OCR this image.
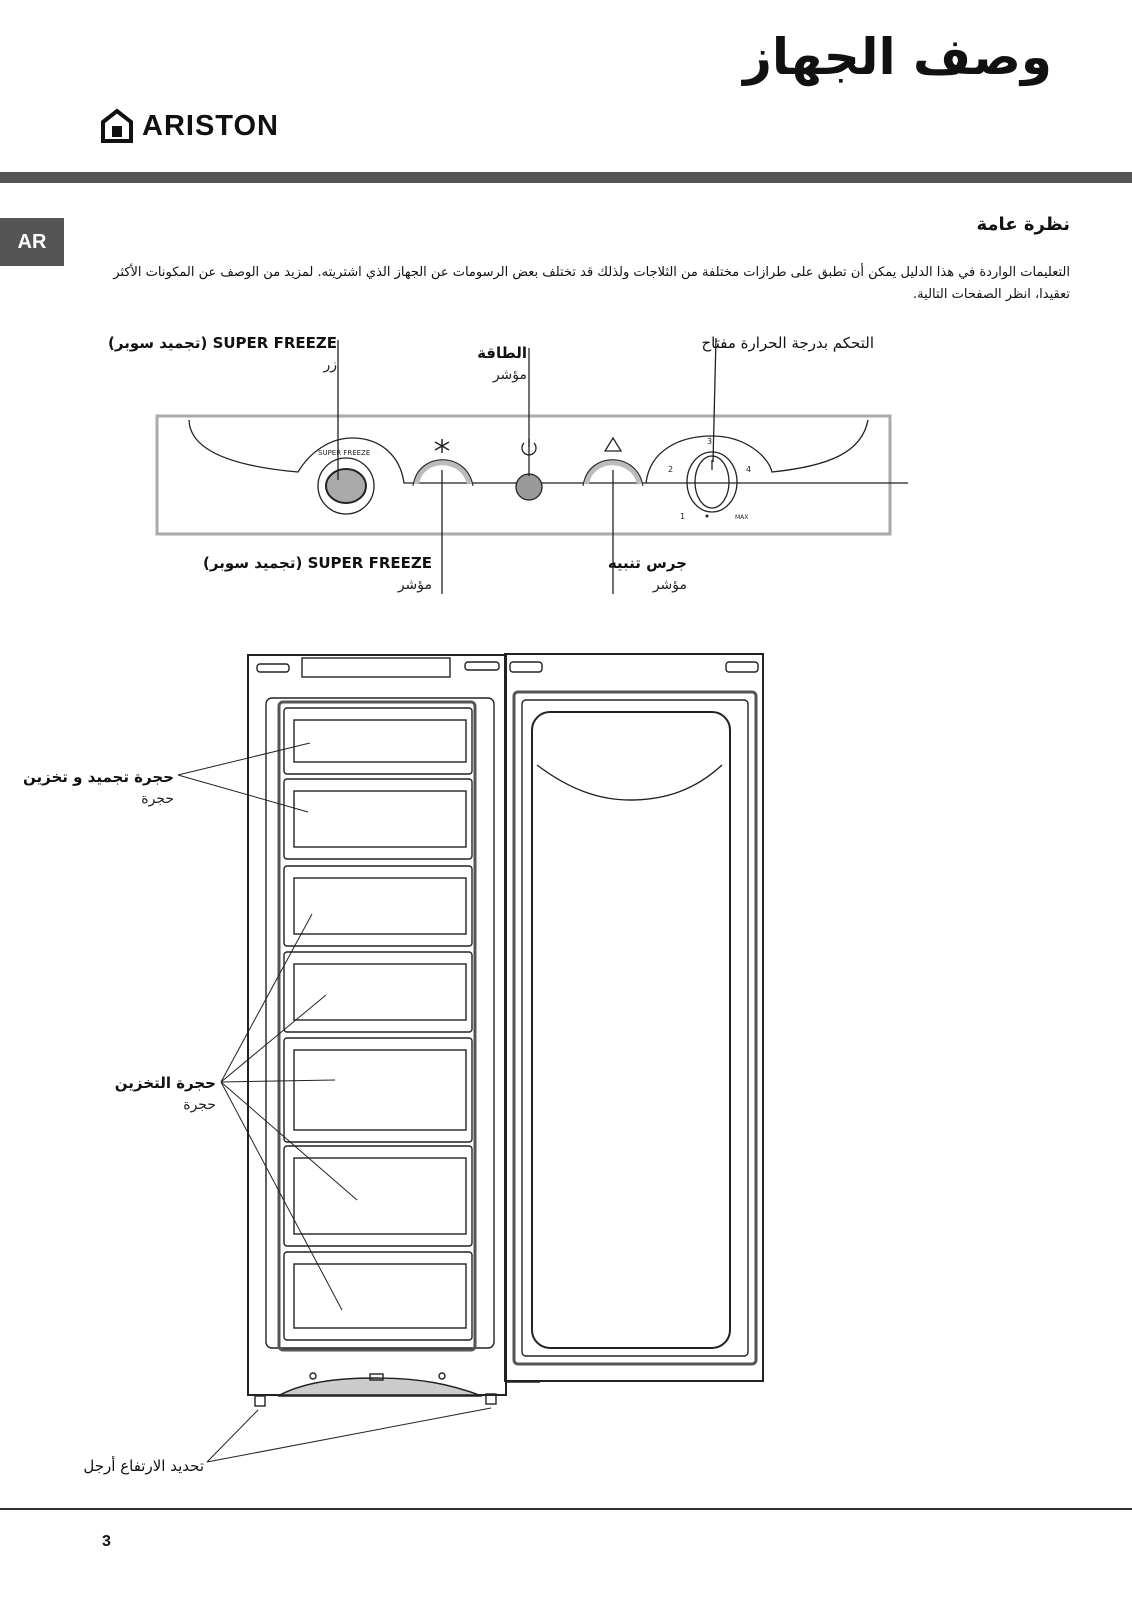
وصف الجهاز
ARISTON
AR
نظرة عامة
التعليمات الواردة في هذا الدليل يمكن أن تطبق على طرازات مختلفة من الثلاجات ولذلك قد تختلف بعض الرسومات عن الجهاز الذي اشتريته. لمزيد من الوصف عن المكونات الأكثر تعقيدا، انظر الصفحات التالية.
SUPER FREEZE (تجميد سوبر)
زر
الطاقة
مؤشر
التحكم بدرجة الحرارة مفتاح
SUPER FREEZE (تجميد سوبر)
مؤشر
جرس تنبيه
مؤشر
حجرة تجميد و تخزين
حجرة
حجرة التخزين
حجرة
تحديد الارتفاع أرجل
3
2	4
1	MAX
SUPER FREEZE
3
